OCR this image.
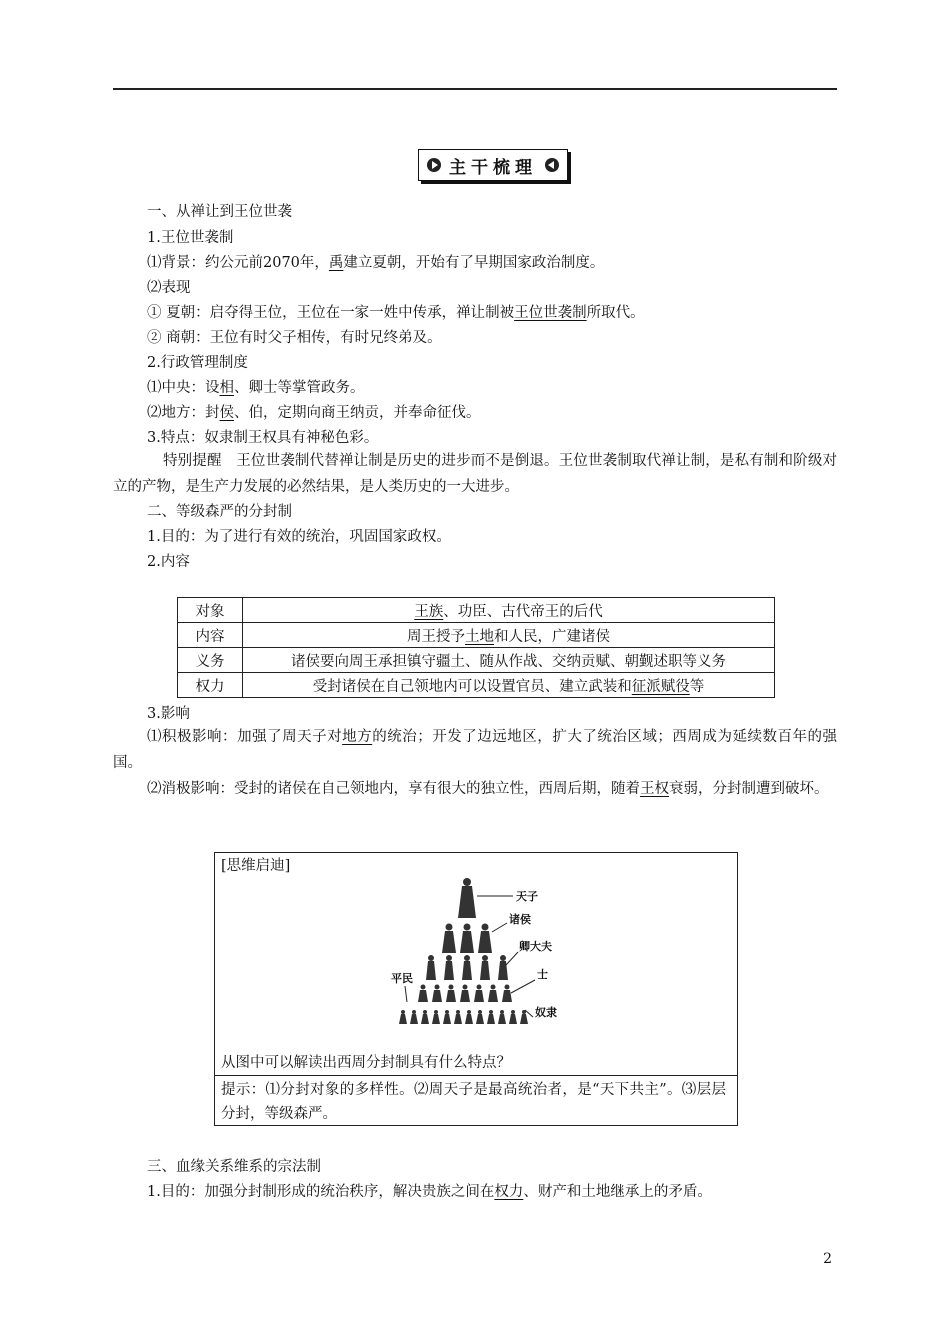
主干梳理
一、从禅让到王位世袭
1.王位世袭制
⑴背景：约公元前2070年，禹建立夏朝，开始有了早期国家政治制度。
⑵表现
① 夏朝：启夺得王位，王位在一家一姓中传承，禅让制被王位世袭制所取代。
② 商朝：王位有时父子相传，有时兄终弟及。
2.行政管理制度
⑴中央：设相、卿士等掌管政务。
⑵地方：封侯、伯，定期向商王纳贡，并奉命征伐。
3.特点：奴隶制王权具有神秘色彩。
特别提醒　王位世袭制代替禅让制是历史的进步而不是倒退。王位世袭制取代禅让制，是私有制和阶级对立的产物，是生产力发展的必然结果，是人类历史的一大进步。
二、等级森严的分封制
1.目的：为了进行有效的统治，巩固国家政权。
2.内容
对象	王族、功臣、古代帝王的后代
内容	周王授予土地和人民，广建诸侯
义务	诸侯要向周王承担镇守疆土、随从作战、交纳贡赋、朝觐述职等义务
权力	受封诸侯在自己领地内可以设置官员、建立武装和征派赋役等
3.影响
⑴积极影响：加强了周天子对地方的统治；开发了边远地区，扩大了统治区域；西周成为延续数百年的强国。
⑵消极影响：受封的诸侯在自己领地内，享有很大的独立性，西周后期，随着王权衰弱，分封制遭到破坏。
[思维启迪]
从图中可以解读出西周分封制具有什么特点？
提示：⑴分封对象的多样性。⑵周天子是最高统治者，是“天下共主”。⑶层层分封，等级森严。
天子
诸侯
卿大夫
士
平民
奴隶
三、血缘关系维系的宗法制
1.目的：加强分封制形成的统治秩序，解决贵族之间在权力、财产和土地继承上的矛盾。
2
